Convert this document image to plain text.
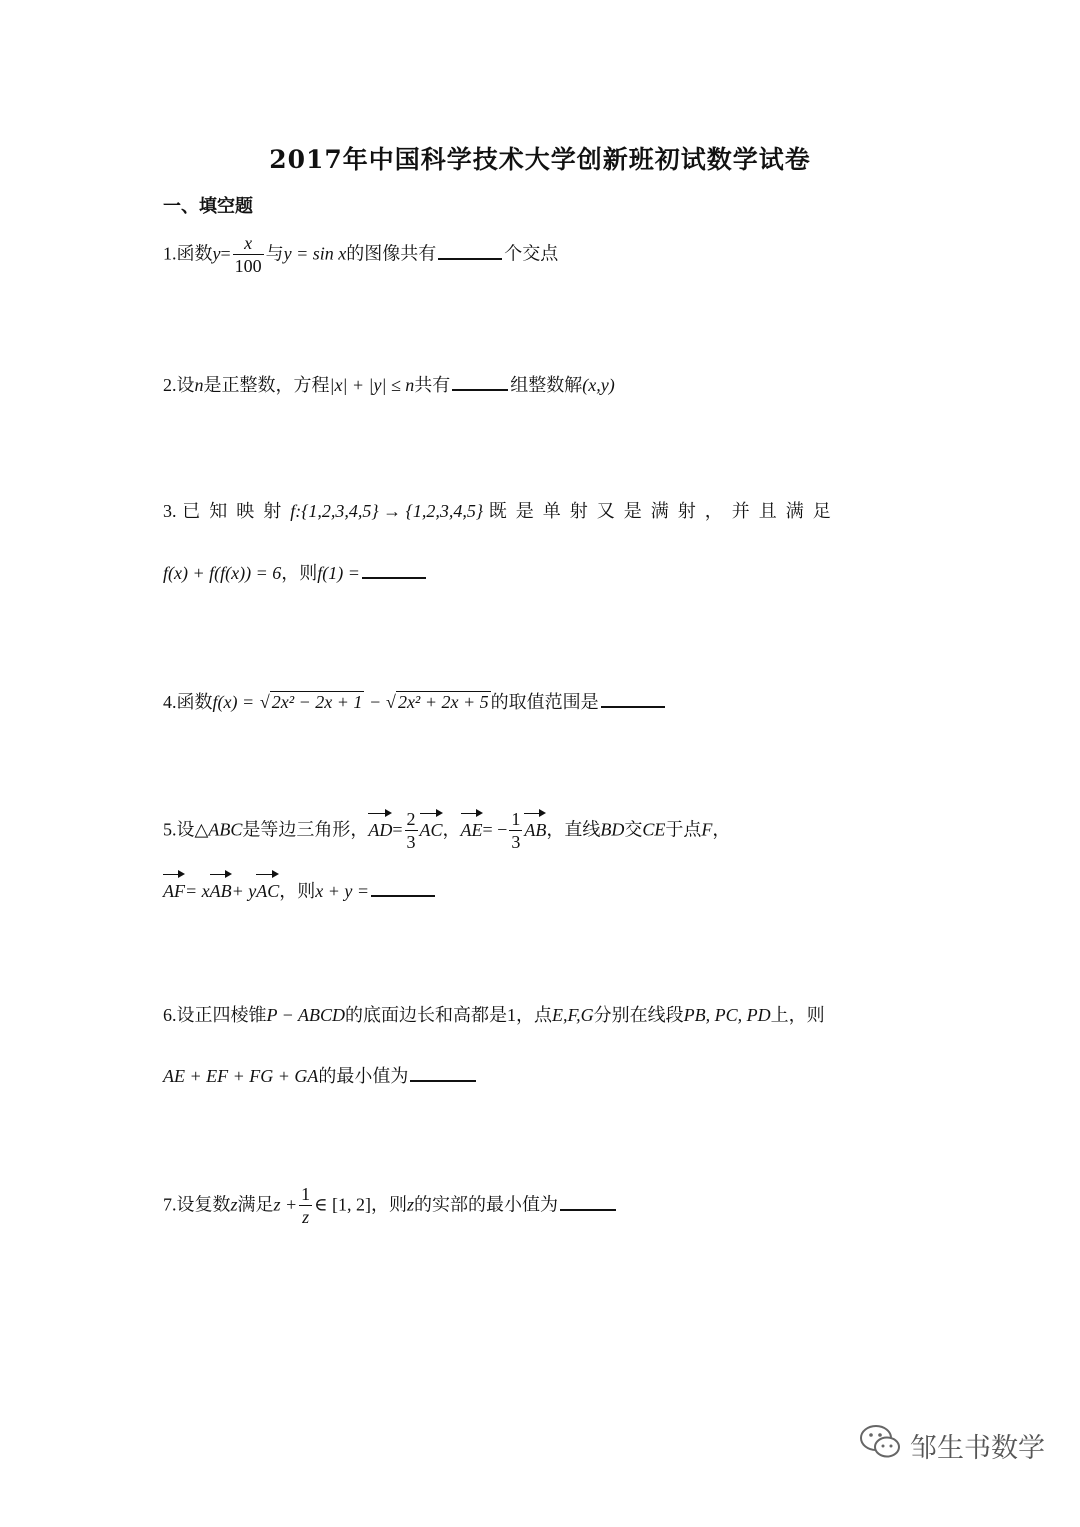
2017年中国科学技术大学创新班初试数学试卷
一、填空题
1.函数$y= \frac{x}{100}$ 与y = sin x的图像共有	个交点
2.设n是正整数，方程|x| + |y| ≤ n共有	组整数解(x,y)
3. 已知映射f:{1,2,3,4,5} → {1,2,3,4,5} 既是单射又是满射，并且满足
f(x) + f(f(x)) = 6，则f(1) =
4.函数f(x) = √ 2x² − 2x + 1 − √ 2x² + 2x + 5 的取值范围是
5.设△ABC是等边三角形，$AD= \frac{2}{3}$ AC，$AE= - \frac{1}{3}$ AB，直线BD交CE于点F，
AF= xAB+ yAC，则x + y =
6.设正四棱锥P − ABCD的底面边长和高都是1，点E,F,G分别在线段PB, PC, PD上，则
AE + EF + FG + GA的最小值为
7.设复数z满足$z + \frac{1}{z}$ ∈ [1, 2]，则z的实部的最小值为
邹生书数学
